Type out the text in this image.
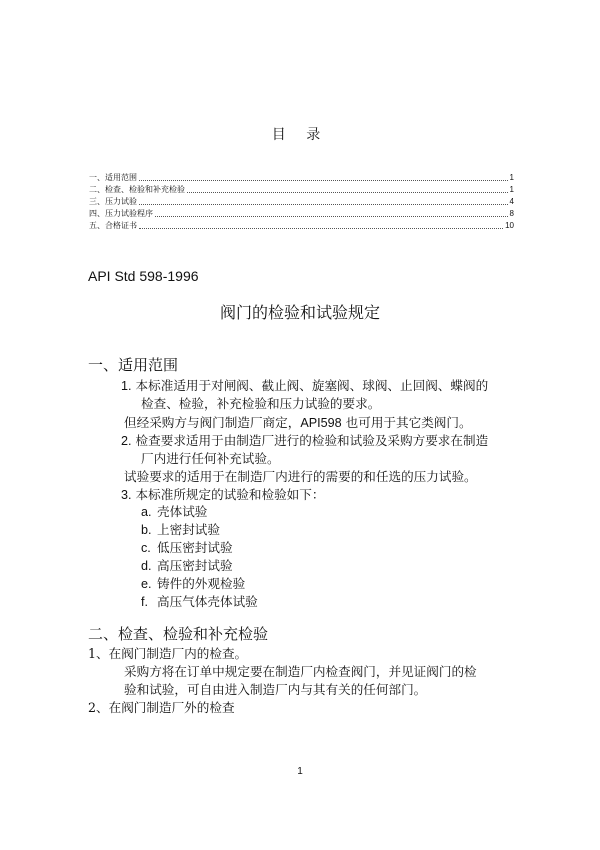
目 录
一、适用范围	1
二、检查、检验和补充检验	1
三、压力试验	4
四、压力试验程序	8
五、合格证书	10
API Std 598-1996
阀门的检验和试验规定
一、适用范围
1. 本标准适用于对闸阀、截止阀、旋塞阀、球阀、止回阀、蝶阀的
检查、检验，补充检验和压力试验的要求。
但经采购方与阀门制造厂商定，API598 也可用于其它类阀门。
2. 检查要求适用于由制造厂进行的检验和试验及采购方要求在制造
厂内进行任何补充试验。
试验要求的适用于在制造厂内进行的需要的和任选的压力试验。
3. 本标准所规定的试验和检验如下：
a. 壳体试验
b. 上密封试验
c. 低压密封试验
d. 高压密封试验
e. 铸件的外观检验
f. 高压气体壳体试验
二、检查、检验和补充检验
1、在阀门制造厂内的检查。
采购方将在订单中规定要在制造厂内检查阀门，并见证阀门的检
验和试验，可自由进入制造厂内与其有关的任何部门。
2、在阀门制造厂外的检查
1
